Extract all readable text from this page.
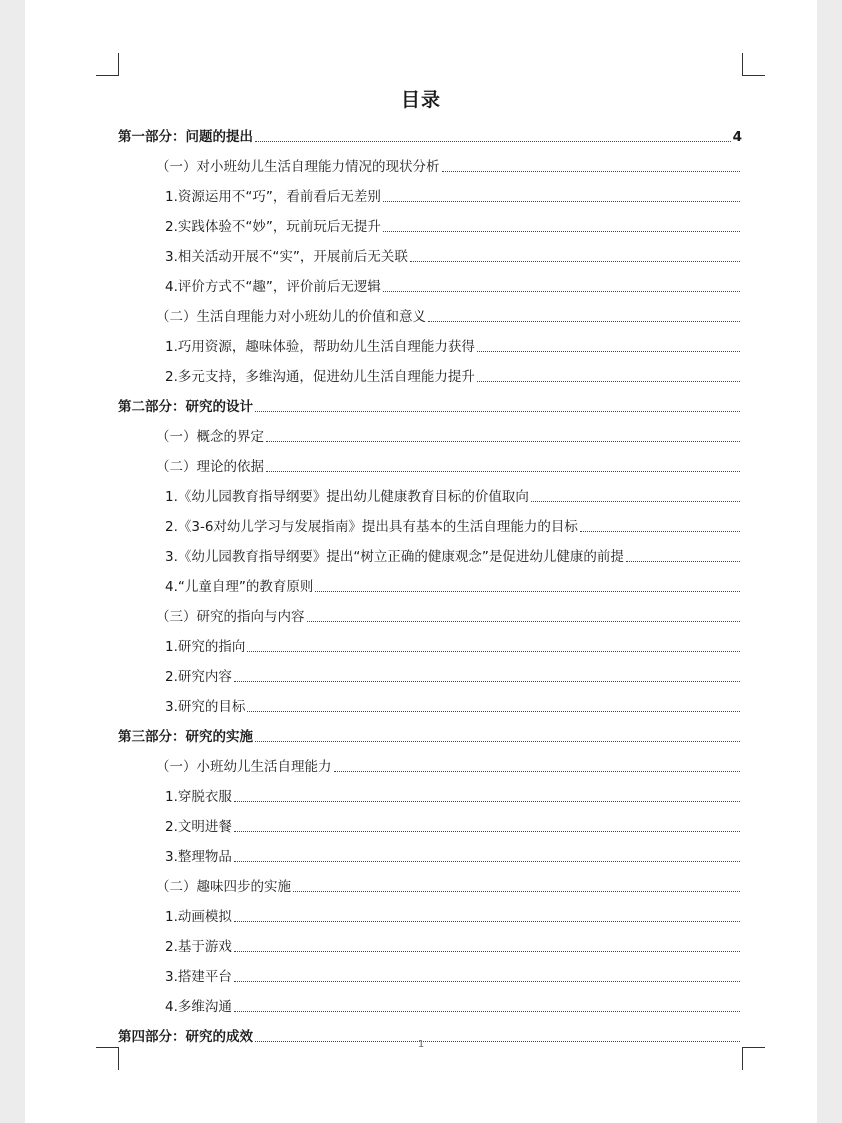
目录
第一部分：问题的提出	4
（一）对小班幼儿生活自理能力情况的现状分析
1.资源运用不“巧”，看前看后无差别
2.实践体验不“妙”，玩前玩后无提升
3.相关活动开展不“实”，开展前后无关联
4.评价方式不“趣”，评价前后无逻辑
（二）生活自理能力对小班幼儿的价值和意义
1.巧用资源，趣味体验，帮助幼儿生活自理能力获得
2.多元支持，多维沟通，促进幼儿生活自理能力提升
第二部分：研究的设计
（一）概念的界定
（二）理论的依据
1.《幼儿园教育指导纲要》提出幼儿健康教育目标的价值取向
2.《3-6对幼儿学习与发展指南》提出具有基本的生活自理能力的目标
3.《幼儿园教育指导纲要》提出“树立正确的健康观念”是促进幼儿健康的前提
4.“儿童自理”的教育原则
（三）研究的指向与内容
1.研究的指向
2.研究内容
3.研究的目标
第三部分：研究的实施
（一）小班幼儿生活自理能力
1.穿脱衣服
2.文明进餐
3.整理物品
（二）趣味四步的实施
1.动画模拟
2.基于游戏
3.搭建平台
4.多维沟通
第四部分：研究的成效	1
